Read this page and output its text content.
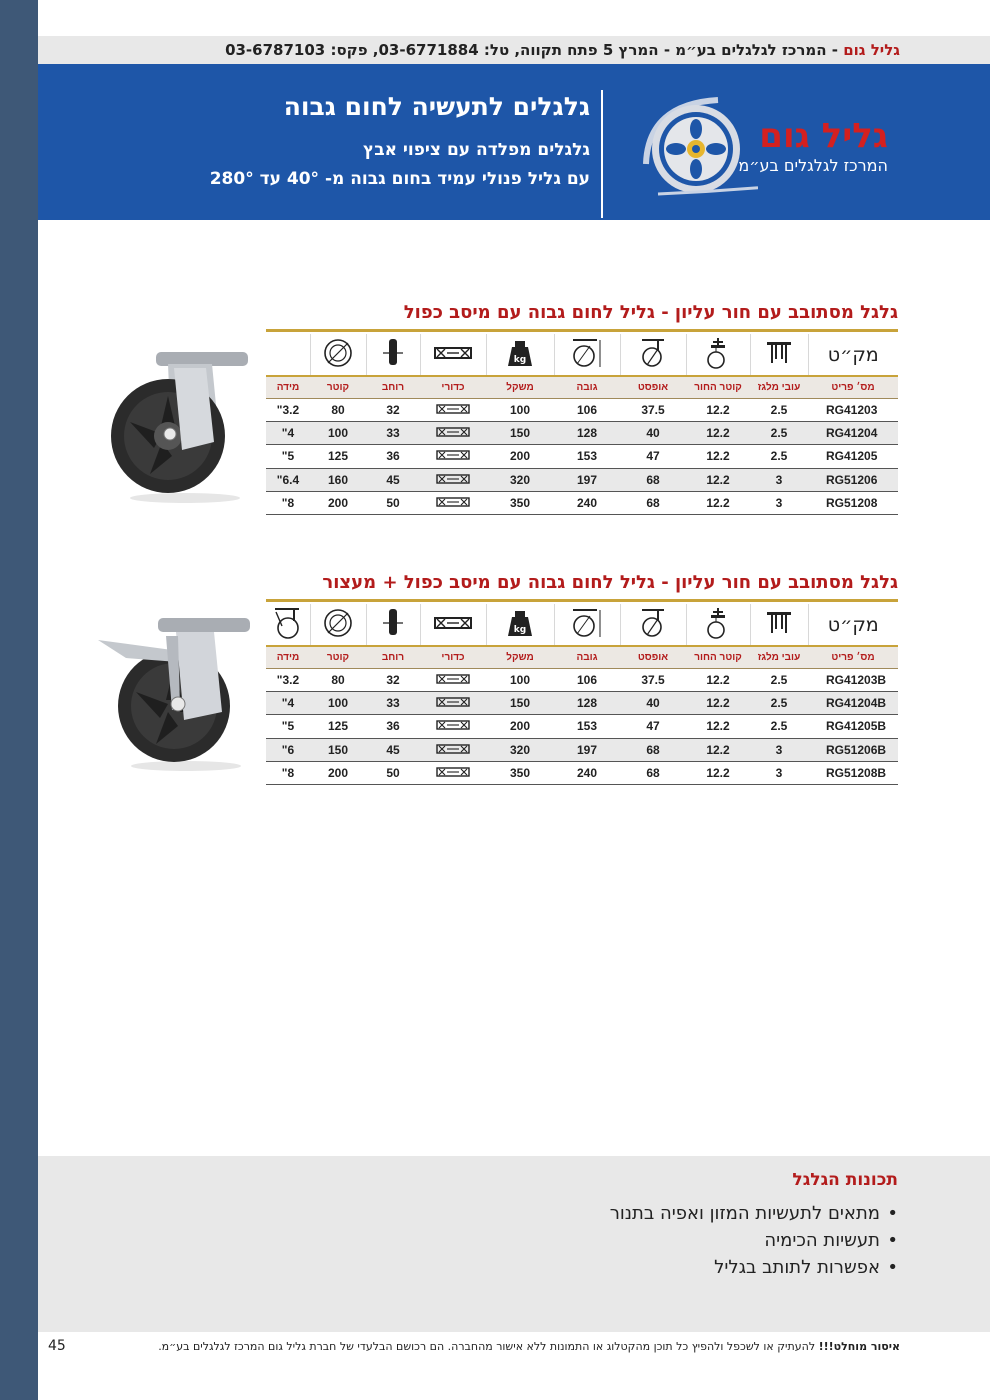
גליל גום - המרכז לגלגלים בע״מ - המרץ 5 פתח תקווה, טל: 03-6771884, פקס: 03-6787103
גליל גום
המרכז לגלגלים בע״מ
גלגלים לתעשיה לחום גבוה
גלגלים מפלדה עם ציפוי אבץ
עם גליל פנולי עמיד בחום גבוה מ- 40° עד 280°
גלגל מסתובב עם חור עליון - גליל לחום גבוה עם מיסב כפול
מק״ט					kg

מס׳ פריט	עובי מלגז	קוטר החור	אופסט	גובה	משקל	כדורי	רוחב	קוטר	מידה
RG41203	2.5	12.2	37.5	106	100		32	80	3.2"
RG41204	2.5	12.2	40	128	150		33	100	4"
RG41205	2.5	12.2	47	153	200		36	125	5"
RG51206	3	12.2	68	197	320		45	160	6.4"
RG51208	3	12.2	68	240	350		50	200	8"
גלגל מסתובב עם חור עליון - גליל לחום גבוה עם מיסב כפול + מעצור
מק״ט					kg

מס׳ פריט	עובי מלגז	קוטר החור	אופסט	גובה	משקל	כדורי	רוחב	קוטר	מידה
RG41203B	2.5	12.2	37.5	106	100		32	80	3.2"
RG41204B	2.5	12.2	40	128	150		33	100	4"
RG41205B	2.5	12.2	47	153	200		36	125	5"
RG51206B	3	12.2	68	197	320		45	150	6"
RG51208B	3	12.2	68	240	350		50	200	8"
תכונות הגלגל
•מתאים לתעשיות המזון ואפיה בתנור
•תעשיות הכימיה
•אפשרות לתותב בגליל
איסור מוחלט!!! להעתיק או לשכפל ולהפיץ כל תוכן מהקטלוג או התמונות ללא אישור מהחברה. הם רכושם הבלעדי של חברת גליל גום המרכז לגלגלים בע״מ.
45
